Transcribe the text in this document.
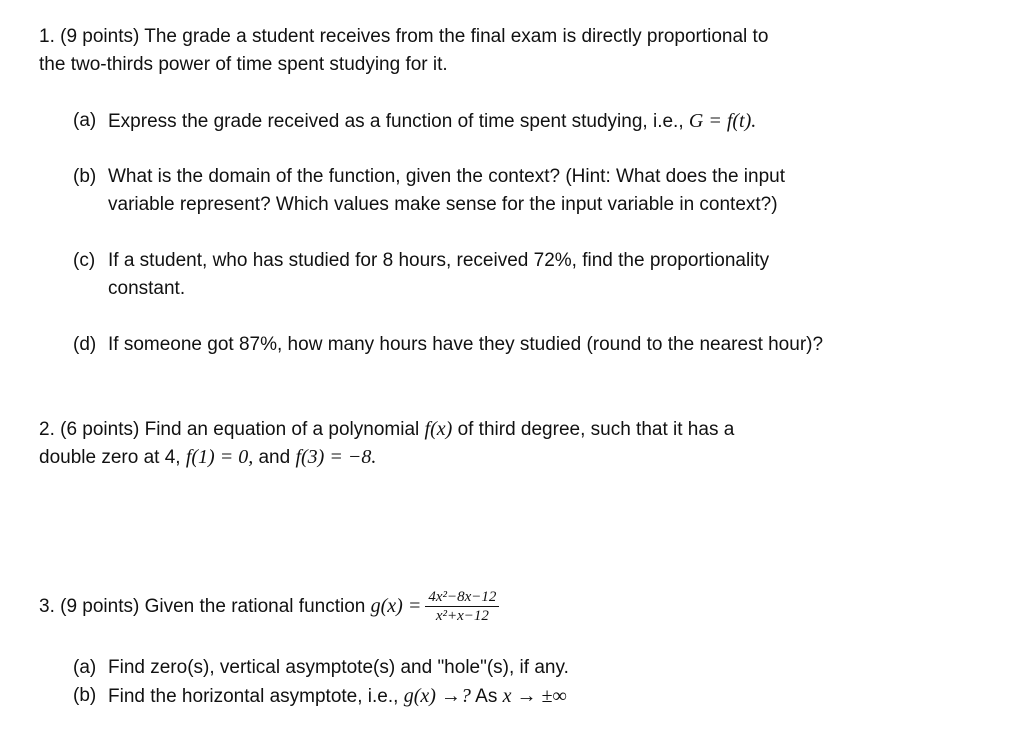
1. (9 points) The grade a student receives from the final exam is directly proportional to
the two-thirds power of time spent studying for it.
(a) Express the grade received as a function of time spent studying, i.e., G = f(t).
(b) What is the domain of the function, given the context? (Hint: What does the input
variable represent? Which values make sense for the input variable in context?)
(c) If a student, who has studied for 8 hours, received 72%, find the proportionality
constant.
(d) If someone got 87%, how many hours have they studied (round to the nearest hour)?
2. (6 points) Find an equation of a polynomial f(x) of third degree, such that it has a
double zero at 4, f(1) = 0, and f(3) = −8.
3. (9 points) Given the rational function $g(x) = \frac{\text{4x²−8x−12}}{\text{x²+x−12}}$
(a) Find zero(s), vertical asymptote(s) and "hole"(s), if any.
(b) Find the horizontal asymptote, i.e., g(x) →? As x → ±∞
